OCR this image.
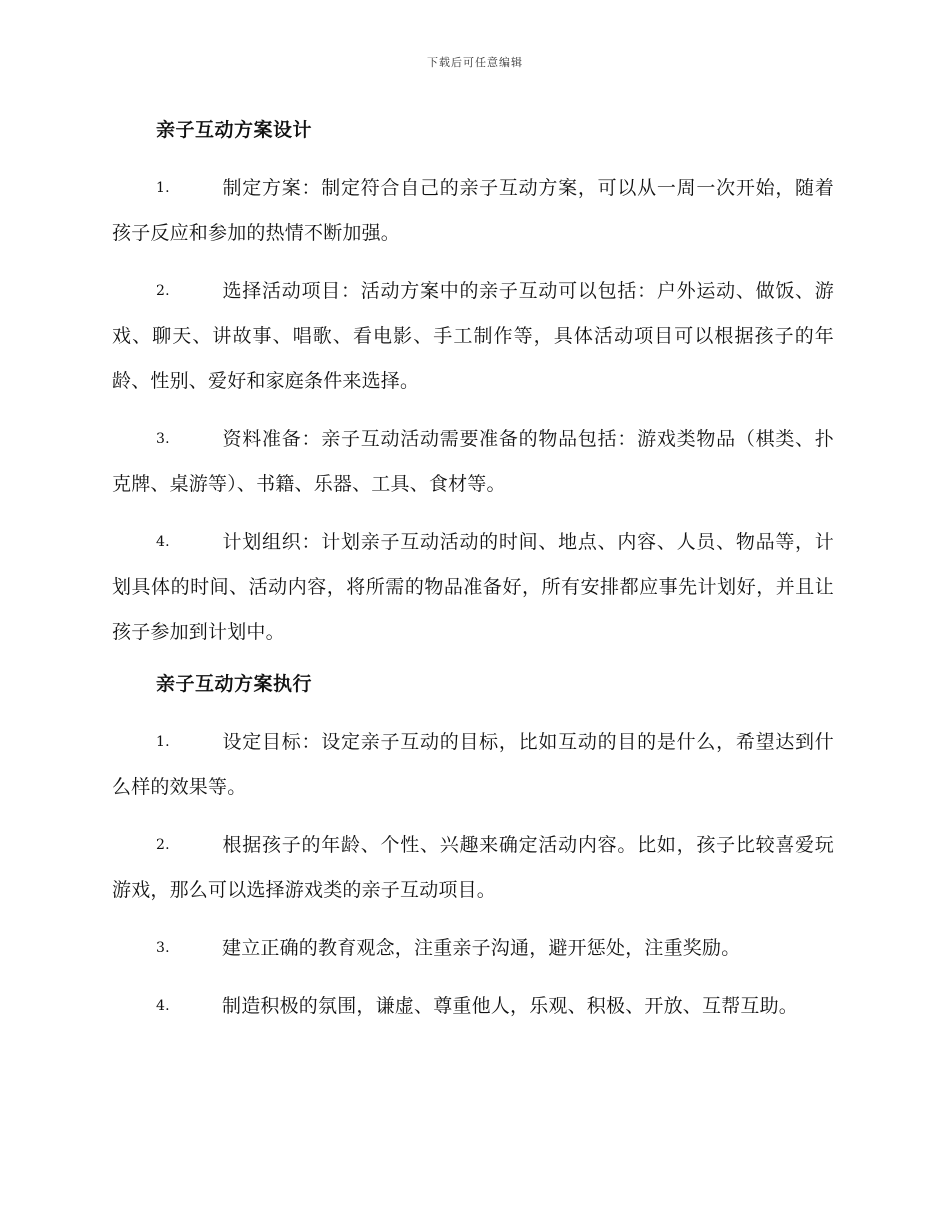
下载后可任意编辑
亲子互动方案设计

1.	制定方案：制定符合自己的亲子互动方案，可以从一周一次开始，随着孩子反应和参加的热情不断加强。

2.	选择活动项目：活动方案中的亲子互动可以包括：户外运动、做饭、游戏、聊天、讲故事、唱歌、看电影、手工制作等，具体活动项目可以根据孩子的年龄、性别、爱好和家庭条件来选择。

3.	资料准备：亲子互动活动需要准备的物品包括：游戏类物品（棋类、扑克牌、桌游等）、书籍、乐器、工具、食材等。

4.	计划组织：计划亲子互动活动的时间、地点、内容、人员、物品等，计划具体的时间、活动内容，将所需的物品准备好，所有安排都应事先计划好，并且让孩子参加到计划中。

亲子互动方案执行

1.	设定目标：设定亲子互动的目标，比如互动的目的是什么，希望达到什么样的效果等。

2.	根据孩子的年龄、个性、兴趣来确定活动内容。比如，孩子比较喜爱玩游戏，那么可以选择游戏类的亲子互动项目。

3.	建立正确的教育观念，注重亲子沟通，避开惩处，注重奖励。

4.	制造积极的氛围，谦虚、尊重他人，乐观、积极、开放、互帮互助。
